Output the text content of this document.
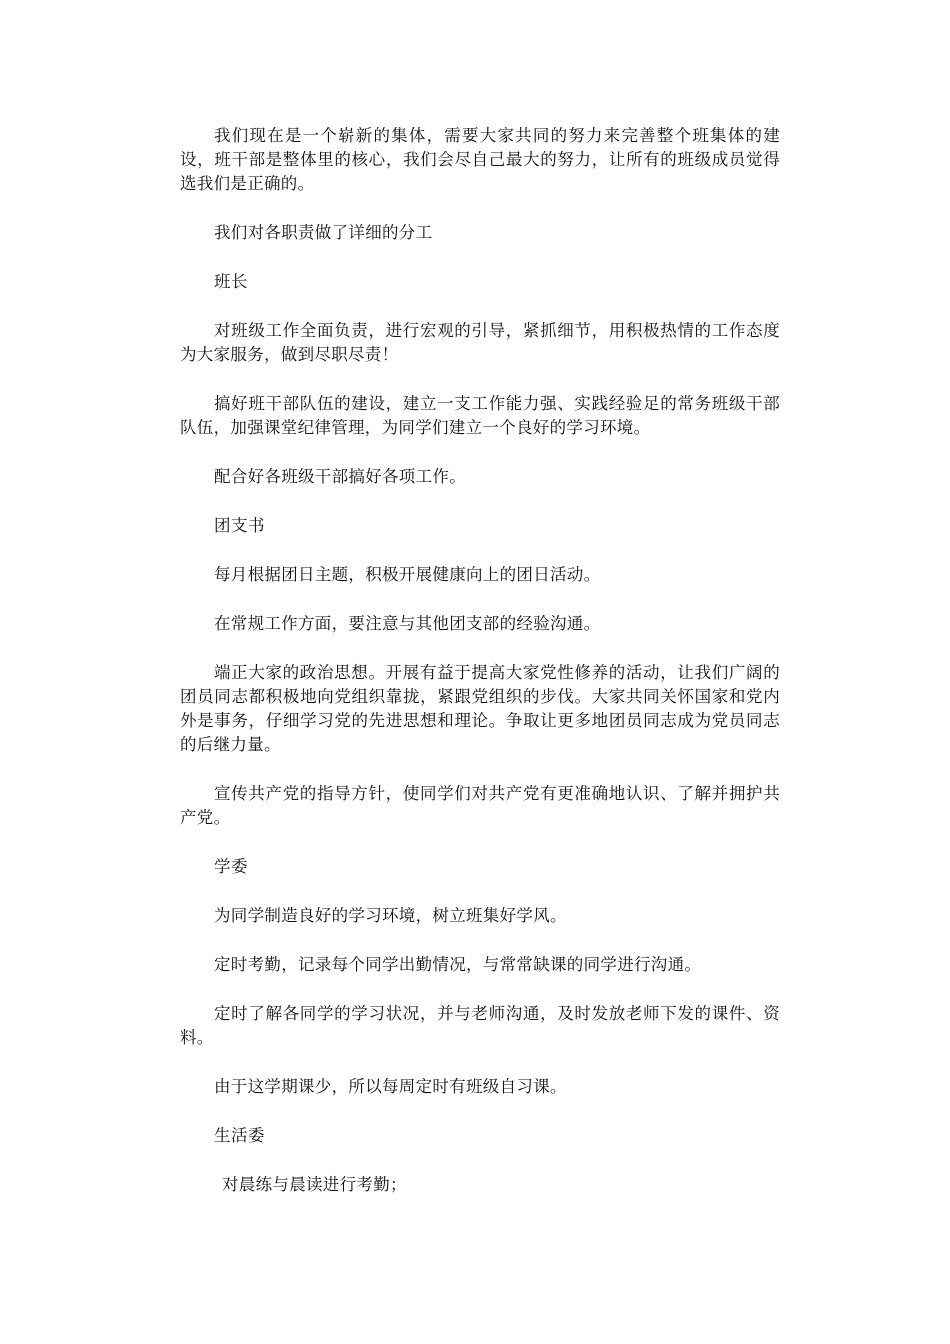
我们现在是一个崭新的集体，需要大家共同的努力来完善整个班集体的建设，班干部是整体里的核心，我们会尽自己最大的努力，让所有的班级成员觉得选我们是正确的。

我们对各职责做了详细的分工

班长

对班级工作全面负责，进行宏观的引导，紧抓细节，用积极热情的工作态度为大家服务，做到尽职尽责！

搞好班干部队伍的建设，建立一支工作能力强、实践经验足的常务班级干部队伍，加强课堂纪律管理，为同学们建立一个良好的学习环境。

配合好各班级干部搞好各项工作。

团支书

每月根据团日主题，积极开展健康向上的团日活动。

在常规工作方面，要注意与其他团支部的经验沟通。

端正大家的政治思想。开展有益于提高大家党性修养的活动，让我们广阔的团员同志都积极地向党组织靠拢，紧跟党组织的步伐。大家共同关怀国家和党内外是事务，仔细学习党的先进思想和理论。争取让更多地团员同志成为党员同志的后继力量。

宣传共产党的指导方针，使同学们对共产党有更准确地认识、了解并拥护共产党。

学委

为同学制造良好的学习环境，树立班集好学风。

定时考勤，记录每个同学出勤情况，与常常缺课的同学进行沟通。

定时了解各同学的学习状况，并与老师沟通，及时发放老师下发的课件、资料。

由于这学期课少，所以每周定时有班级自习课。

生活委

对晨练与晨读进行考勤；
